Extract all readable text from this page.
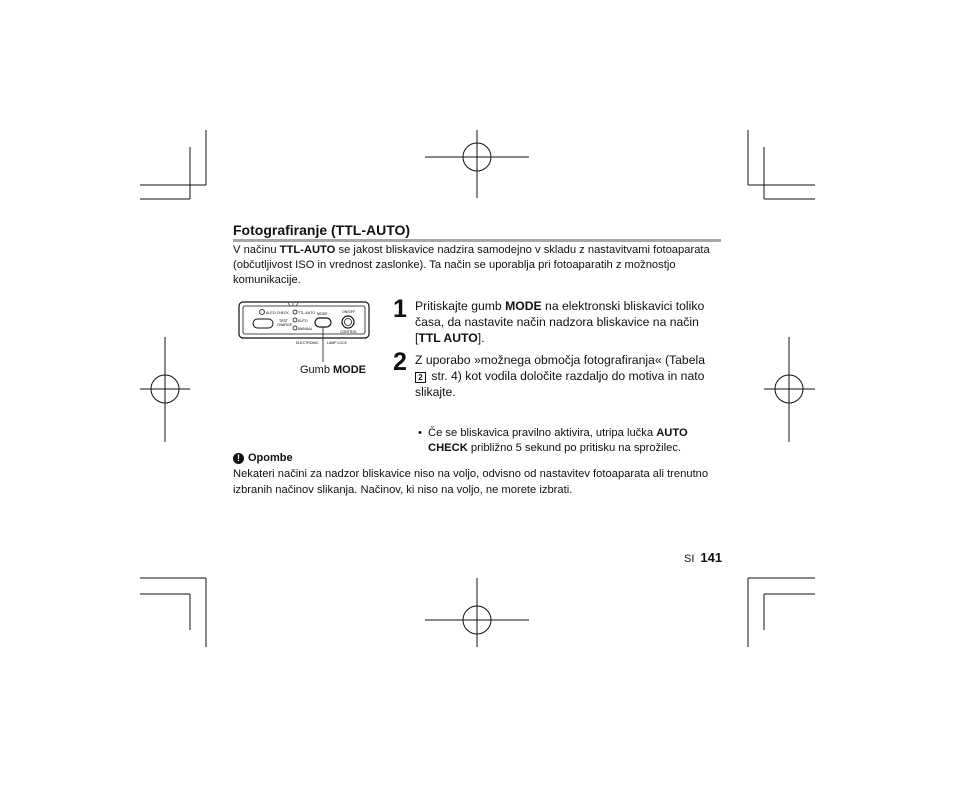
Fotografiranje (TTL-AUTO)
V načinu TTL-AUTO se jakost bliskavice nadzira samodejno v skladu z nastavitvami fotoaparata (občutljivost ISO in vrednost zaslonke). Ta način se uporablja pri fotoaparatih z možnostjo komunikacije.
AUTO CHECK
TEST
CHARGE
TTL-AUTO
AUTO
MANUAL
MODE	ON/OFF
CONTROL
ELECTRONIC LAMP LOCK
Gumb MODE
1 Pritiskajte gumb MODE na elektronski bliskavici toliko časa, da nastavite način nadzora bliskavice na način [TTL AUTO].
2 Z uporabo »možnega območja fotografiranja« (Tabela
2 str. 4) kot vodila določite razdaljo do motiva in nato slikajte.
• Če se bliskavica pravilno aktivira, utripa lučka AUTO CHECK približno 5 sekund po pritisku na sprožilec.
! Opombe
Nekateri načini za nadzor bliskavice niso na voljo, odvisno od nastavitev fotoaparata ali trenutno izbranih načinov slikanja. Načinov, ki niso na voljo, ne morete izbrati.
SI 141
